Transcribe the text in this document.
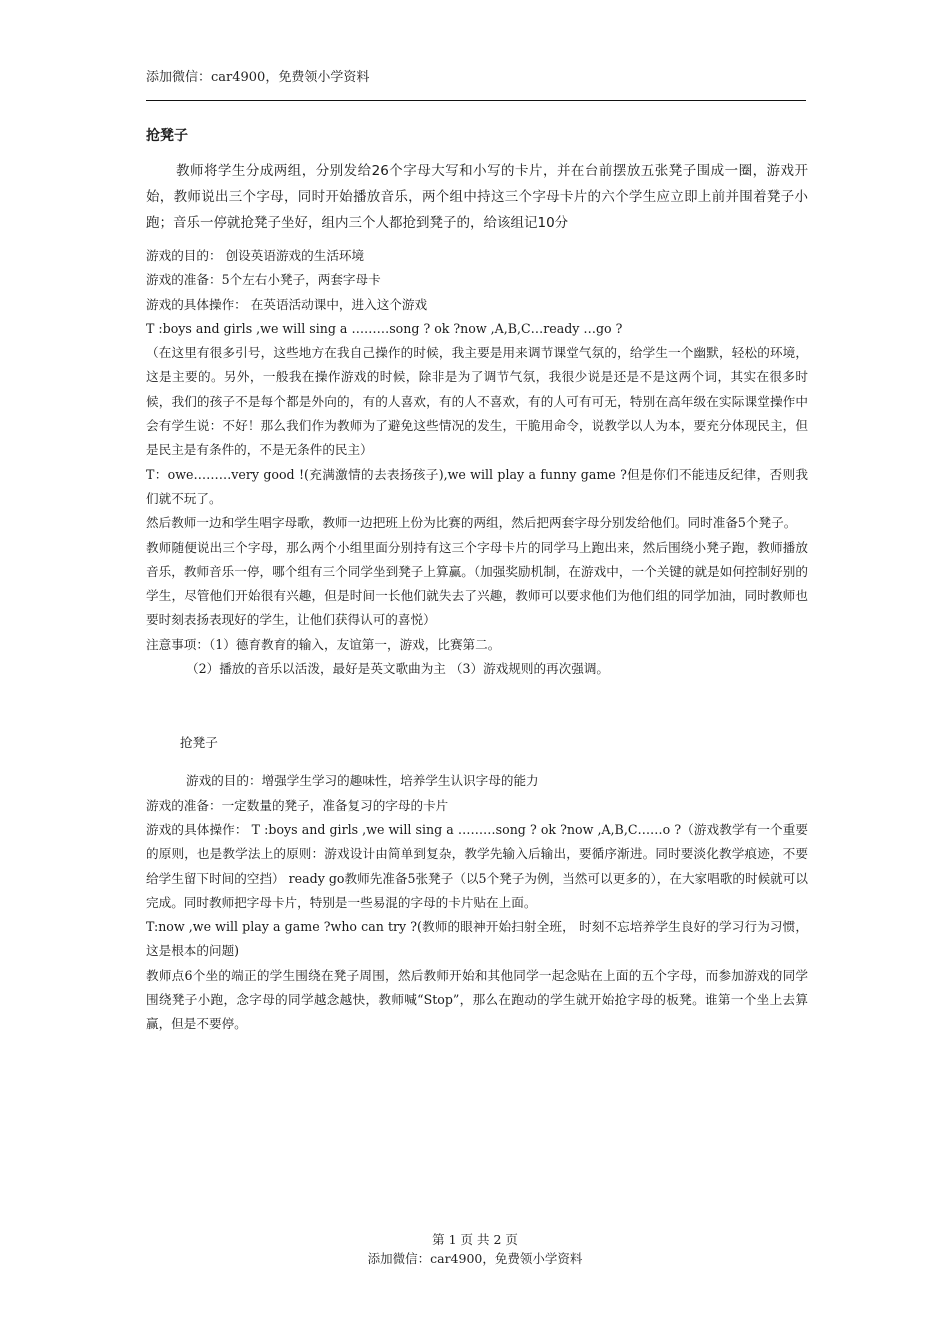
添加微信：car4900，免费领小学资料
抢凳子

教师将学生分成两组，分别发给26个字母大写和小写的卡片，并在台前摆放五张凳子围成一圈，游戏开始，教师说出三个字母，同时开始播放音乐，两个组中持这三个字母卡片的六个学生应立即上前并围着凳子小跑；音乐一停就抢凳子坐好，组内三个人都抢到凳子的，给该组记10分

游戏的目的： 创设英语游戏的生活环境

游戏的准备：5个左右小凳子，两套字母卡

游戏的具体操作： 在英语活动课中，进入这个游戏

T :boys and girls ,we will sing a ………song ? ok ?now ,A,B,C…ready …go ?

（在这里有很多引号，这些地方在我自己操作的时候，我主要是用来调节课堂气氛的，给学生一个幽默，轻松的环境，这是主要的。另外，一般我在操作游戏的时候，除非是为了调节气氛，我很少说是还是不是这两个词，其实在很多时候，我们的孩子不是每个都是外向的，有的人喜欢，有的人不喜欢，有的人可有可无，特别在高年级在实际课堂操作中会有学生说：不好！那么我们作为教师为了避免这些情况的发生，干脆用命令，说教学以人为本，要充分体现民主，但是民主是有条件的，不是无条件的民主）

T：owe………very good !(充满激情的去表扬孩子),we will play a funny game ?但是你们不能违反纪律，否则我们就不玩了。

然后教师一边和学生唱字母歌，教师一边把班上份为比赛的两组，然后把两套字母分别发给他们。同时准备5个凳子。

教师随便说出三个字母，那么两个小组里面分别持有这三个字母卡片的同学马上跑出来，然后围绕小凳子跑，教师播放音乐，教师音乐一停，哪个组有三个同学坐到凳子上算赢。（加强奖励机制，在游戏中，一个关键的就是如何控制好别的学生，尽管他们开始很有兴趣，但是时间一长他们就失去了兴趣，教师可以要求他们为他们组的同学加油，同时教师也要时刻表扬表现好的学生，让他们获得认可的喜悦）

注意事项：（1）德育教育的输入，友谊第一，游戏，比赛第二。

（2）播放的音乐以活泼，最好是英文歌曲为主 （3）游戏规则的再次强调。

抢凳子

游戏的目的：增强学生学习的趣味性，培养学生认识字母的能力

游戏的准备：一定数量的凳子，准备复习的字母的卡片

游戏的具体操作： T :boys and girls ,we will sing a ………song ? ok ?now ,A,B,C……o ?（游戏教学有一个重要的原则，也是教学法上的原则：游戏设计由简单到复杂，教学先输入后输出，要循序渐进。同时要淡化教学痕迹，不要给学生留下时间的空挡） ready go教师先准备5张凳子（以5个凳子为例，当然可以更多的），在大家唱歌的时候就可以完成。同时教师把字母卡片，特别是一些易混的字母的卡片贴在上面。

T:now ,we will play a game ?who can try ?(教师的眼神开始扫射全班， 时刻不忘培养学生良好的学习行为习惯，这是根本的问题)

教师点6个坐的端正的学生围绕在凳子周围，然后教师开始和其他同学一起念贴在上面的五个字母，而参加游戏的同学围绕凳子小跑，念字母的同学越念越快，教师喊“Stop”，那么在跑动的学生就开始抢字母的板凳。谁第一个坐上去算赢，但是不要停。

第 1 页 共 2 页
添加微信：car4900，免费领小学资料
